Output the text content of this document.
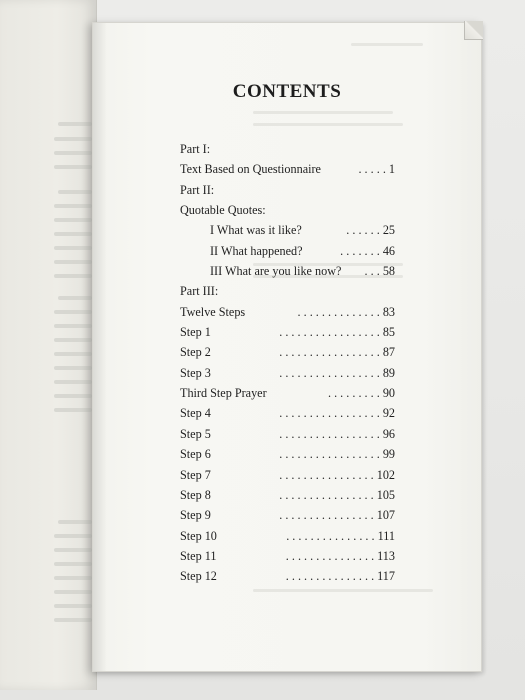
CONTENTS
Part I:
Text Based on Questionnaire	. . . . . 1
Part II:
Quotable Quotes:
I What was it like?	. . . . . . 25
II What happened?	. . . . . . . 46
III What are you like now? . . . 58
Part III:
Twelve Steps	. . . . . . . . . . . . . . 83
Step 1	. . . . . . . . . . . . . . . . . 85
Step 2	. . . . . . . . . . . . . . . . . 87
Step 3	. . . . . . . . . . . . . . . . . 89
Third Step Prayer	. . . . . . . . . 90
Step 4	. . . . . . . . . . . . . . . . . 92
Step 5	. . . . . . . . . . . . . . . . . 96
Step 6	. . . . . . . . . . . . . . . . . 99
Step 7	. . . . . . . . . . . . . . . . 102
Step 8	. . . . . . . . . . . . . . . . 105
Step 9	. . . . . . . . . . . . . . . . 107
Step 10	. . . . . . . . . . . . . . . 111
Step 11	. . . . . . . . . . . . . . . 113
Step 12	. . . . . . . . . . . . . . . 117
